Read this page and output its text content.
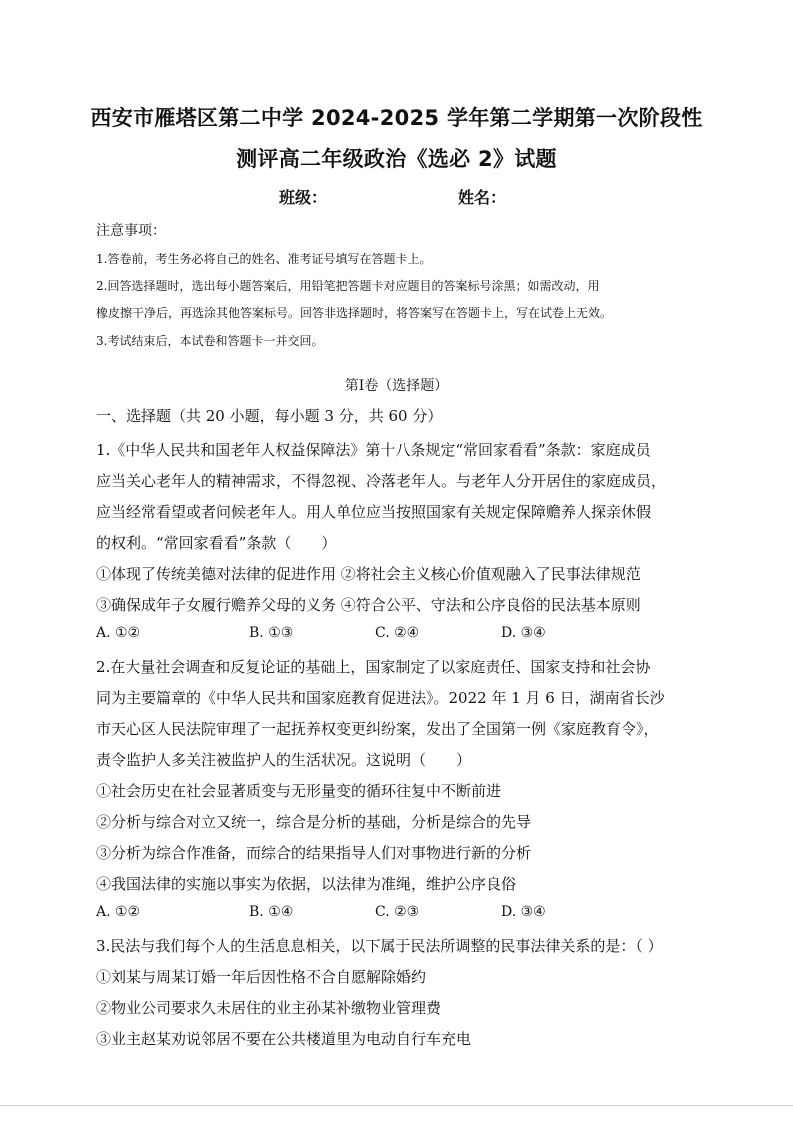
西安市雁塔区第二中学 2024-2025 学年第二学期第一次阶段性
测评高二年级政治《选必 2》试题
班级：	姓名：
注意事项：
1.答卷前，考生务必将自己的姓名、准考证号填写在答题卡上。
2.回答选择题时，选出每小题答案后，用铅笔把答题卡对应题目的答案标号涂黑；如需改动，用
橡皮擦干净后，再选涂其他答案标号。回答非选择题时，将答案写在答题卡上，写在试卷上无效。
3.考试结束后，本试卷和答题卡一并交回。
第Ⅰ卷（选择题）
一、选择题（共 20 小题，每小题 3 分，共 60 分）
1.《中华人民共和国老年人权益保障法》第十八条规定“常回家看看”条款：家庭成员
应当关心老年人的精神需求，不得忽视、冷落老年人。与老年人分开居住的家庭成员，
应当经常看望或者问候老年人。用人单位应当按照国家有关规定保障赡养人探亲休假
的权利。“常回家看看”条款（　　）
①体现了传统美德对法律的促进作用 ②将社会主义核心价值观融入了民事法律规范
③确保成年子女履行赡养父母的义务 ④符合公平、守法和公序良俗的民法基本原则
A. ①②	B. ①③	C. ②④	D. ③④
2.在大量社会调查和反复论证的基础上，国家制定了以家庭责任、国家支持和社会协
同为主要篇章的《中华人民共和国家庭教育促进法》。2022 年 1 月 6 日，湖南省长沙
市天心区人民法院审理了一起抚养权变更纠纷案，发出了全国第一例《家庭教育令》，
责令监护人多关注被监护人的生活状况。这说明（　　）
①社会历史在社会显著质变与无形量变的循环往复中不断前进
②分析与综合对立又统一，综合是分析的基础，分析是综合的先导
③分析为综合作准备，而综合的结果指导人们对事物进行新的分析
④我国法律的实施以事实为依据，以法律为准绳，维护公序良俗
A. ①②	B. ①④	C. ②③	D. ③④
3.民法与我们每个人的生活息息相关，以下属于民法所调整的民事法律关系的是：（ ）
①刘某与周某订婚一年后因性格不合自愿解除婚约
②物业公司要求久未居住的业主孙某补缴物业管理费
③业主赵某劝说邻居不要在公共楼道里为电动自行车充电
